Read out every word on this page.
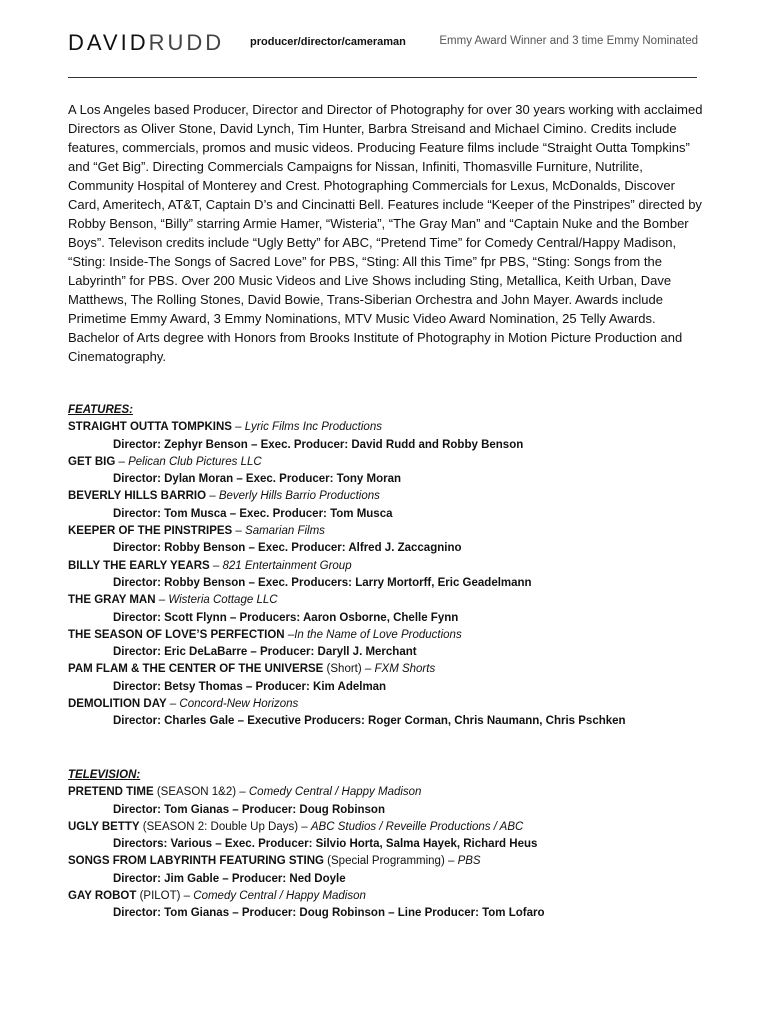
DAVIDRUDD producer/director/cameraman	Emmy Award Winner and 3 time Emmy Nominated

A Los Angeles based Producer, Director and Director of Photography for over 30 years working with acclaimed Directors as Oliver Stone, David Lynch, Tim Hunter, Barbra Streisand and Michael Cimino. Credits include features, commercials, promos and music videos. Producing Feature films include “Straight Outta Tompkins” and “Get Big”. Directing Commercials Campaigns for Nissan, Infiniti, Thomasville Furniture, Nutrilite, Community Hospital of Monterey and Crest. Photographing Commercials for Lexus, McDonalds, Discover Card, Ameritech, AT&T, Captain D’s and Cincinatti Bell. Features include “Keeper of the Pinstripes” directed by Robby Benson, “Billy” starring Armie Hamer, “Wisteria”, “The Gray Man” and “Captain Nuke and the Bomber Boys”. Televison credits include “Ugly Betty” for ABC, “Pretend Time” for Comedy Central/Happy Madison, “Sting: Inside-The Songs of Sacred Love” for PBS, “Sting: All this Time” fpr PBS, “Sting: Songs from the Labyrinth” for PBS. Over 200 Music Videos and Live Shows including Sting, Metallica, Keith Urban, Dave Matthews, The Rolling Stones, David Bowie, Trans-Siberian Orchestra and John Mayer. Awards include Primetime Emmy Award, 3 Emmy Nominations, MTV Music Video Award Nomination, 25 Telly Awards. Bachelor of Arts degree with Honors from Brooks Institute of Photography in Motion Picture Production and Cinematography.

FEATURES:
STRAIGHT OUTTA TOMPKINS – Lyric Films Inc Productions
Director: Zephyr Benson – Exec. Producer: David Rudd and Robby Benson
GET BIG – Pelican Club Pictures LLC
Director: Dylan Moran – Exec. Producer: Tony Moran
BEVERLY HILLS BARRIO – Beverly Hills Barrio Productions
Director: Tom Musca – Exec. Producer: Tom Musca
KEEPER OF THE PINSTRIPES – Samarian Films
Director: Robby Benson – Exec. Producer: Alfred J. Zaccagnino
BILLY THE EARLY YEARS – 821 Entertainment Group
Director: Robby Benson – Exec. Producers: Larry Mortorff, Eric Geadelmann
THE GRAY MAN – Wisteria Cottage LLC
Director: Scott Flynn – Producers: Aaron Osborne, Chelle Fynn
THE SEASON OF LOVE’S PERFECTION –In the Name of Love Productions
Director: Eric DeLaBarre – Producer: Daryll J. Merchant
PAM FLAM & THE CENTER OF THE UNIVERSE (Short) – FXM Shorts
Director: Betsy Thomas – Producer: Kim Adelman
DEMOLITION DAY – Concord-New Horizons
Director: Charles Gale – Executive Producers: Roger Corman, Chris Naumann, Chris Pschken
TELEVISION:
PRETEND TIME (SEASON 1&2) – Comedy Central / Happy Madison
Director: Tom Gianas – Producer: Doug Robinson
UGLY BETTY (SEASON 2: Double Up Days) – ABC Studios / Reveille Productions / ABC
Directors: Various – Exec. Producer: Silvio Horta, Salma Hayek, Richard Heus
SONGS FROM LABYRINTH FEATURING STING (Special Programming) – PBS
Director: Jim Gable – Producer: Ned Doyle
GAY ROBOT (PILOT) – Comedy Central / Happy Madison
Director: Tom Gianas – Producer: Doug Robinson – Line Producer: Tom Lofaro
